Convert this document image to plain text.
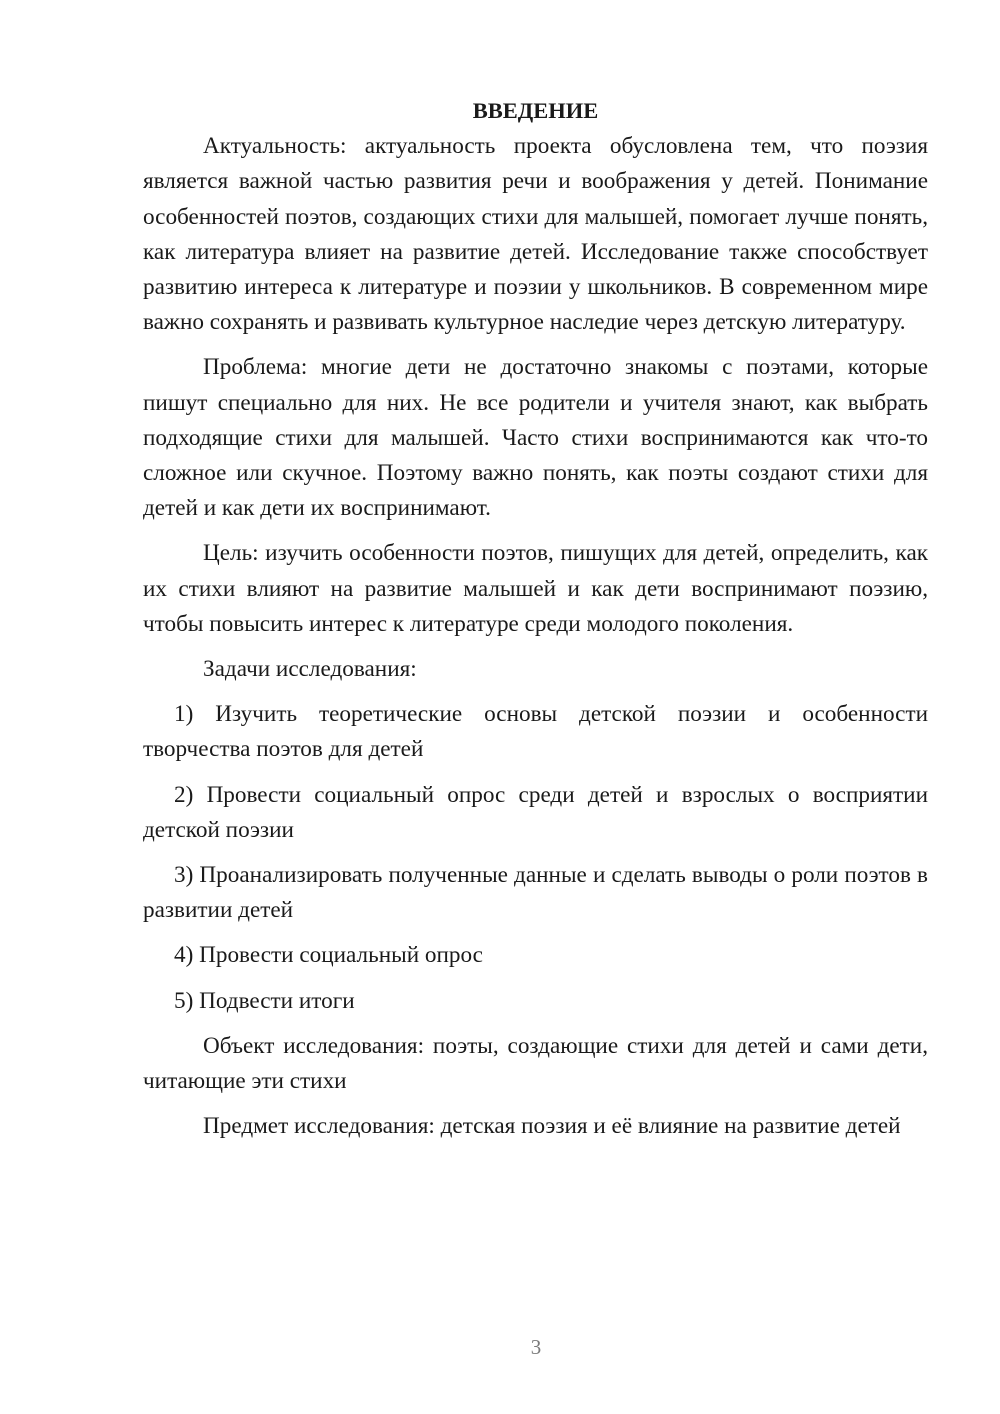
ВВЕДЕНИЕ

Актуальность: актуальность проекта обусловлена тем, что поэзия является важной частью развития речи и воображения у детей. Понимание особенностей поэтов, создающих стихи для малышей, помогает лучше понять, как литература влияет на развитие детей. Исследование также способствует развитию интереса к литературе и поэзии у школьников. В современном мире важно сохранять и развивать культурное наследие через детскую литературу.

Проблема: многие дети не достаточно знакомы с поэтами, которые пишут специально для них. Не все родители и учителя знают, как выбрать подходящие стихи для малышей. Часто стихи воспринимаются как что-то сложное или скучное. Поэтому важно понять, как поэты создают стихи для детей и как дети их воспринимают.

Цель: изучить особенности поэтов, пишущих для детей, определить, как их стихи влияют на развитие малышей и как дети воспринимают поэзию, чтобы повысить интерес к литературе среди молодого поколения.

Задачи исследования:

1) Изучить теоретические основы детской поэзии и особенности творчества поэтов для детей

2) Провести социальный опрос среди детей и взрослых о восприятии детской поэзии

3) Проанализировать полученные данные и сделать выводы о роли поэтов в развитии детей

4) Провести социальный опрос

5) Подвести итоги

Объект исследования: поэты, создающие стихи для детей и сами дети, читающие эти стихи

Предмет исследования: детская поэзия и её влияние на развитие детей

3
